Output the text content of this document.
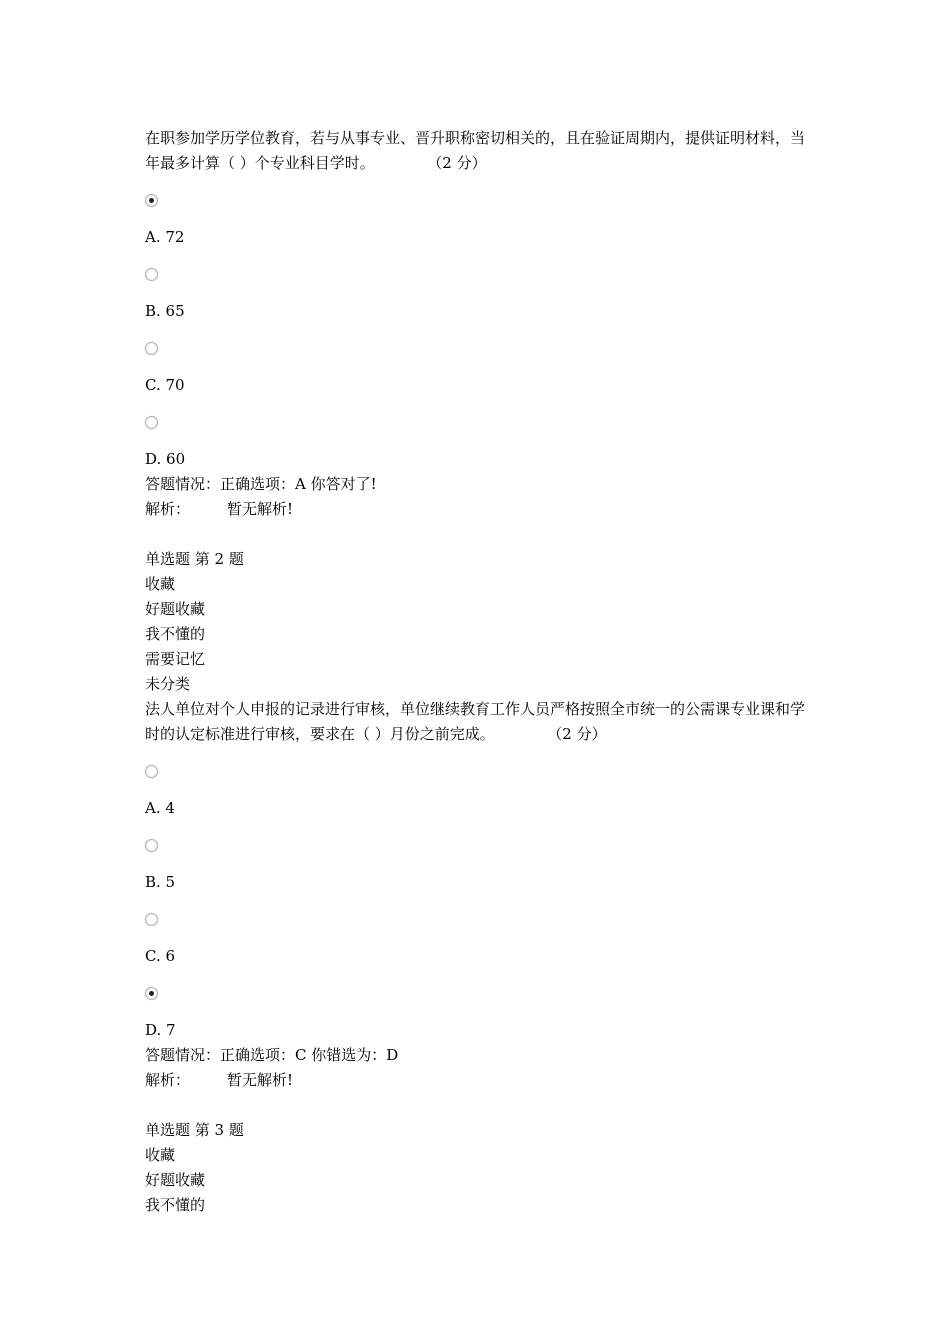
在职参加学历学位教育，若与从事专业、晋升职称密切相关的，且在验证周期内，提供证明材料，当年最多计算（ ）个专业科目学时。	（2 分）

A. 72
B. 65
C. 70
D. 60
答题情况：正确选项：A 你答对了!
解析： 暂无解析!
单选题 第 2 题
收藏
好题收藏
我不懂的
需要记忆
未分类

法人单位对个人申报的记录进行审核，单位继续教育工作人员严格按照全市统一的公需课专业课和学时的认定标准进行审核，要求在（ ）月份之前完成。	（2 分）

A. 4
B. 5
C. 6
D. 7
答题情况：正确选项：C 你错选为：D
解析： 暂无解析!
单选题 第 3 题
收藏
好题收藏
我不懂的
